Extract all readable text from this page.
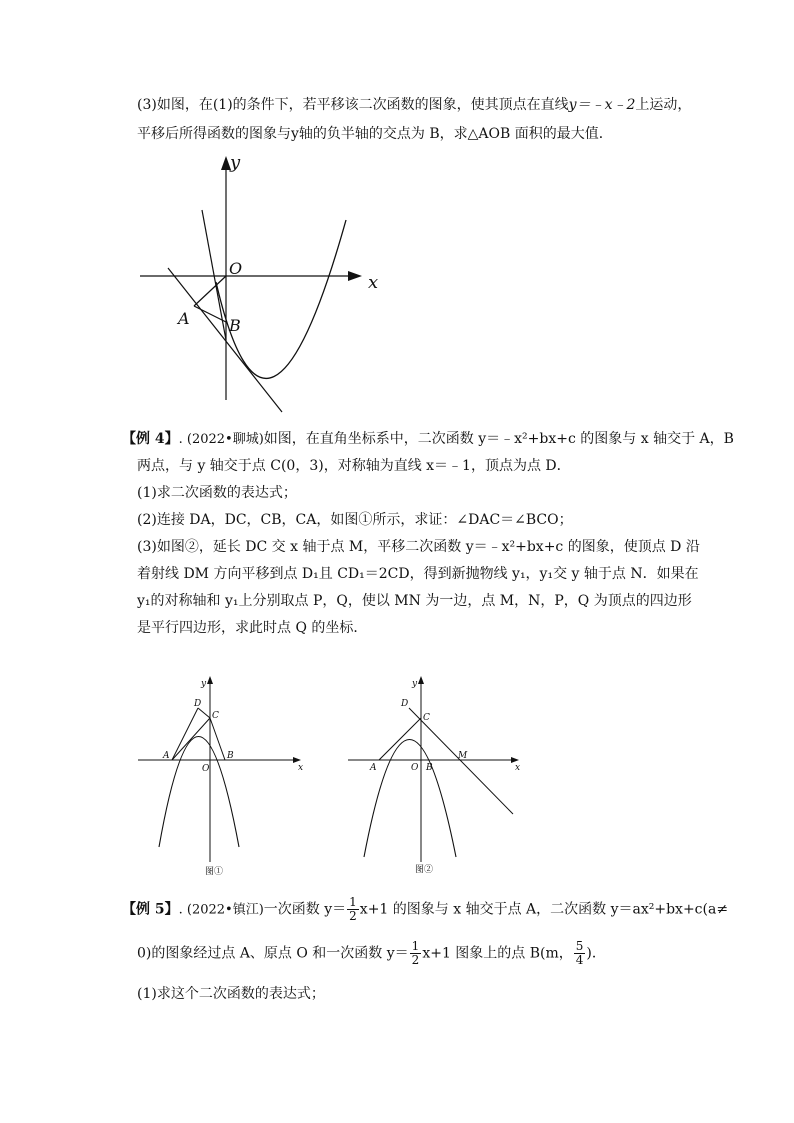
(3)如图，在(1)的条件下，若平移该二次函数的图象，使其顶点在直线y＝﹣x﹣2上运动，
平移后所得函数的图象与y轴的负半轴的交点为 B，求△AOB 面积的最大值．
y
x
O
A B
【例 4】. (2022•聊城)如图，在直角坐标系中，二次函数 y＝﹣x²+bx+c 的图象与 x 轴交于 A，B
两点，与 y 轴交于点 C(0，3)，对称轴为直线 x＝﹣1，顶点为点 D．
(1)求二次函数的表达式；
(2)连接 DA，DC，CB，CA，如图①所示，求证：∠DAC＝∠BCO；
(3)如图②，延长 DC 交 x 轴于点 M，平移二次函数 y＝﹣x²+bx+c 的图象，使顶点 D 沿
着射线 DM 方向平移到点 D₁且 CD₁＝2CD，得到新抛物线 y₁，y₁交 y 轴于点 N．如果在
y₁的对称轴和 y₁上分别取点 P，Q，使以 MN 为一边，点 M，N，P，Q 为顶点的四边形
是平行四边形，求此时点 Q 的坐标．
y
x
D
C
A
O
B
图①
y
x
D
C
A	O B
M
图②
【例 5】. (2022•镇江)一次函数 $y= \frac{1}{2} x+1$ 的图象与 x 轴交于点 A，二次函数 y＝ax²+bx+c(a≠
0)的图象经过点 A、原点 O 和一次函数 $y= \frac{1}{2} x+1$ 图象上的点 B(m， $\frac{5}{4}$ )．
(1)求这个二次函数的表达式；
